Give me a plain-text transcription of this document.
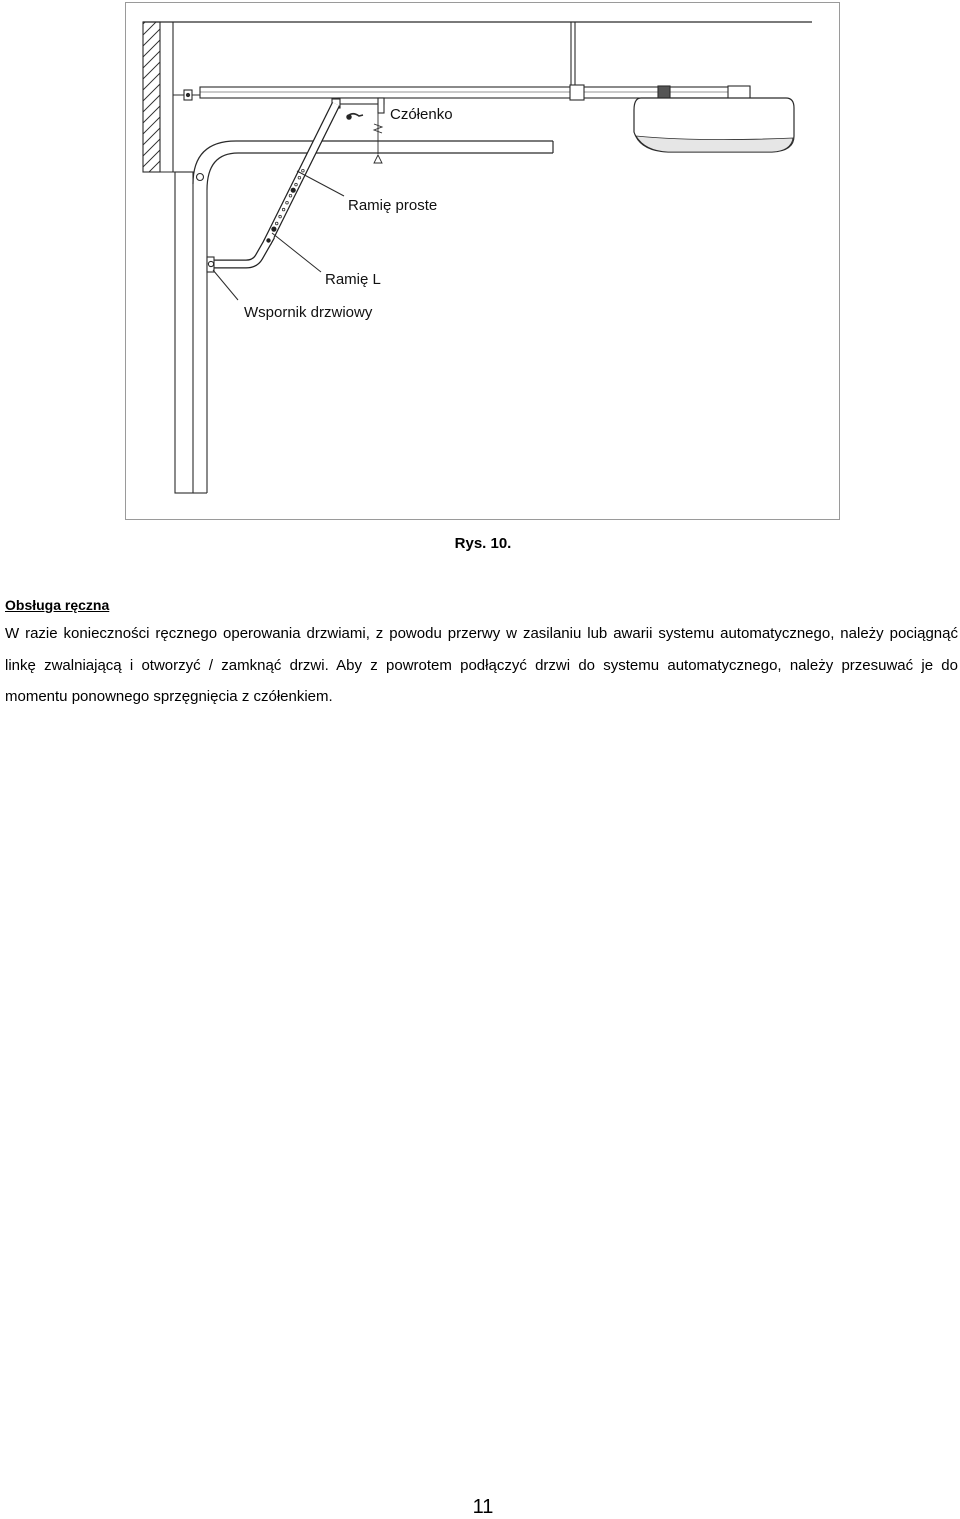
Czółenko
Ramię proste
Ramię L
Wspornik drzwiowy
Rys. 10.
Obsługa ręczna
W razie konieczności ręcznego operowania drzwiami, z powodu przerwy w zasilaniu lub awarii systemu automatycznego, należy pociągnąć
linkę zwalniającą i otworzyć / zamknąć drzwi. Aby z powrotem podłączyć drzwi do systemu automatycznego, należy przesuwać je do
momentu ponownego sprzęgnięcia z czółenkiem.
11
